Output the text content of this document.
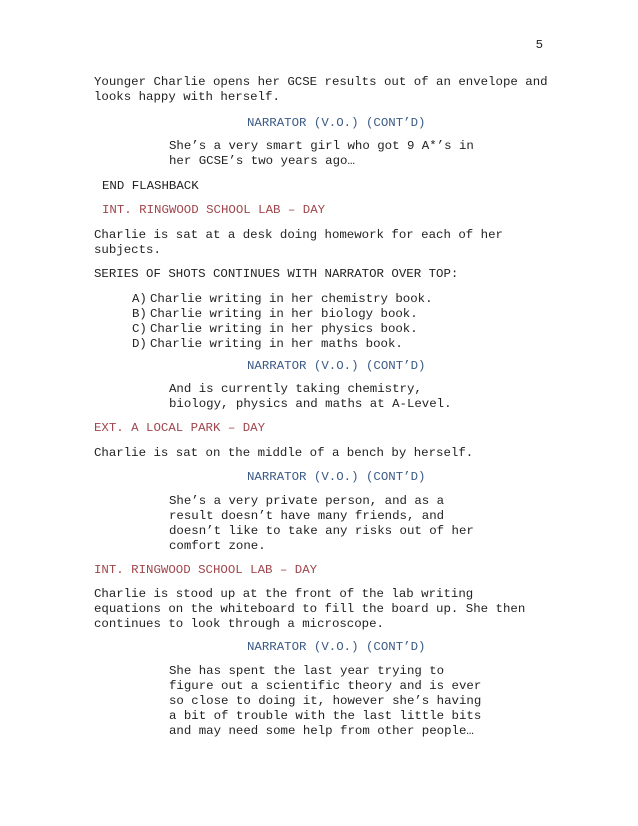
5
Younger Charlie opens her GCSE results out of an envelope and looks happy with herself.
NARRATOR (V.O.) (CONT’D)
She’s a very smart girl who got 9 A*’s in her GCSE’s two years ago…
END FLASHBACK
INT. RINGWOOD SCHOOL LAB – DAY
Charlie is sat at a desk doing homework for each of her subjects.
SERIES OF SHOTS CONTINUES WITH NARRATOR OVER TOP:
A) Charlie writing in her chemistry book.
B) Charlie writing in her biology book.
C) Charlie writing in her physics book.
D) Charlie writing in her maths book.
NARRATOR (V.O.) (CONT’D)
And is currently taking chemistry, biology, physics and maths at A-Level.
EXT. A LOCAL PARK – DAY
Charlie is sat on the middle of a bench by herself.
NARRATOR (V.O.) (CONT’D)
She’s a very private person, and as a result doesn’t have many friends, and doesn’t like to take any risks out of her comfort zone.
INT. RINGWOOD SCHOOL LAB – DAY
Charlie is stood up at the front of the lab writing equations on the whiteboard to fill the board up. She then continues to look through a microscope.
NARRATOR (V.O.) (CONT’D)
She has spent the last year trying to figure out a scientific theory and is ever so close to doing it, however she’s having a bit of trouble with the last little bits and may need some help from other people…
